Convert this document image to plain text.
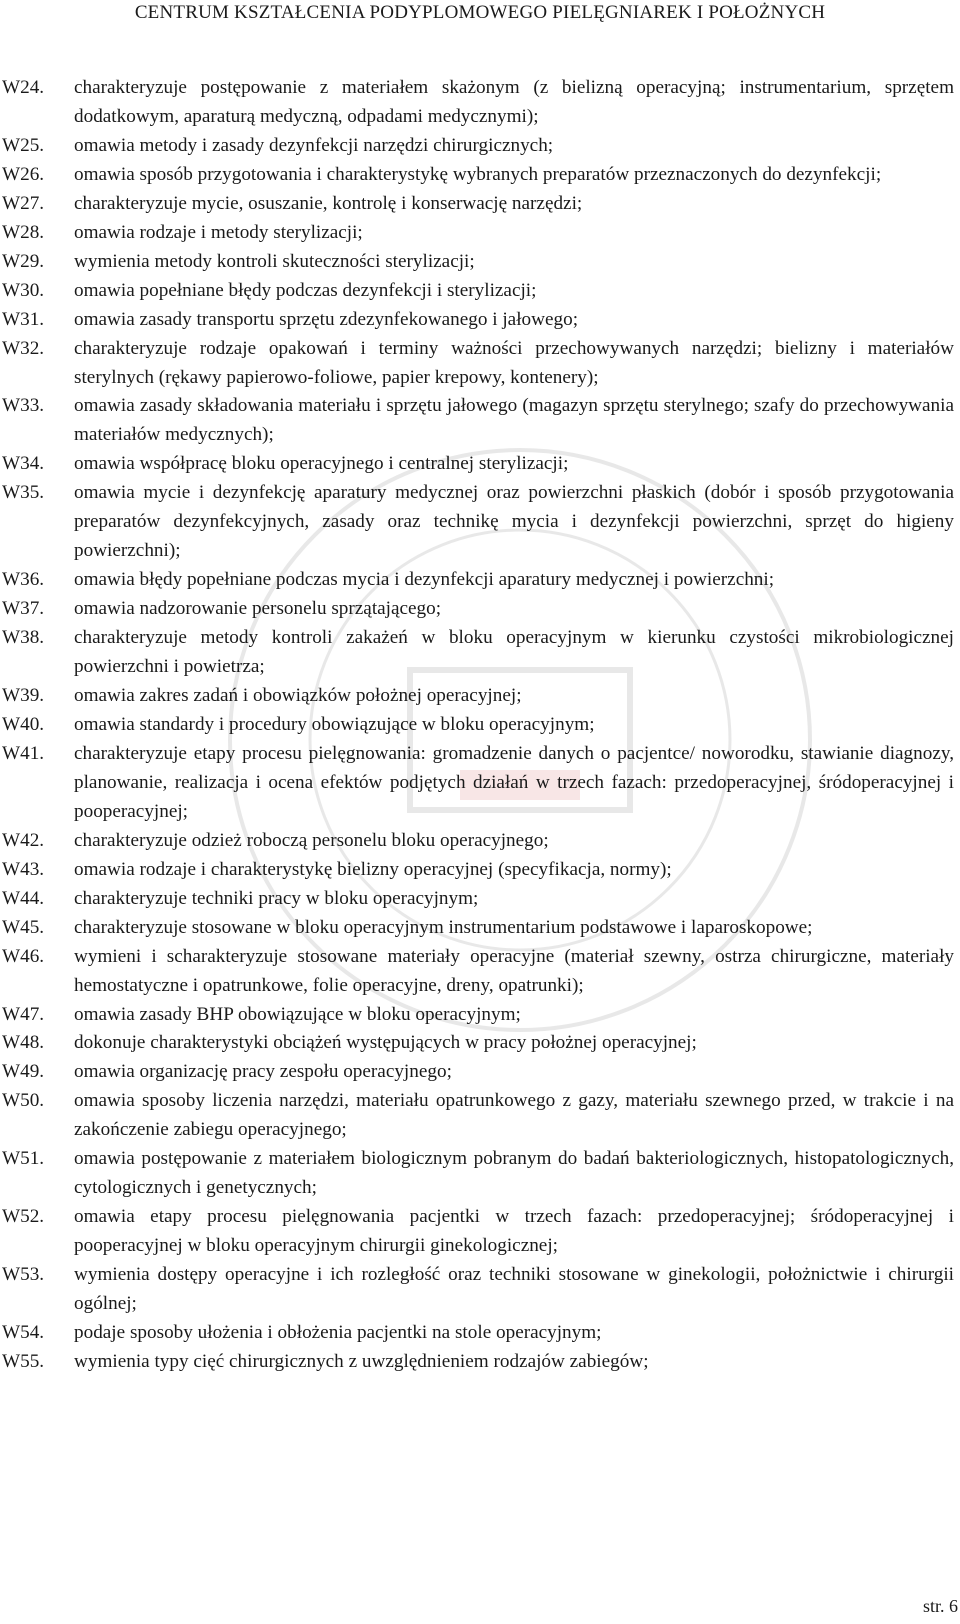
CENTRUM KSZTAŁCENIA PODYPLOMOWEGO PIELĘGNIAREK I POŁOŻNYCH
W24.	charakteryzuje postępowanie z materiałem skażonym (z bielizną operacyjną; instrumentarium, sprzętem dodatkowym, aparaturą medyczną, odpadami medycznymi);
W25.	omawia metody i zasady dezynfekcji narzędzi chirurgicznych;
W26.	omawia sposób przygotowania i charakterystykę wybranych preparatów przeznaczonych do dezynfekcji;
W27.	charakteryzuje mycie, osuszanie, kontrolę i konserwację narzędzi;
W28.	omawia rodzaje i metody sterylizacji;
W29.	wymienia metody kontroli skuteczności sterylizacji;
W30.	omawia popełniane błędy podczas dezynfekcji i sterylizacji;
W31.	omawia zasady transportu sprzętu zdezynfekowanego i jałowego;
W32.	charakteryzuje rodzaje opakowań i terminy ważności przechowywanych narzędzi; bielizny i materiałów sterylnych (rękawy papierowo-foliowe, papier krepowy, kontenery);
W33.	omawia zasady składowania materiału i sprzętu jałowego (magazyn sprzętu sterylnego; szafy do przechowywania materiałów medycznych);
W34.	omawia współpracę bloku operacyjnego i centralnej sterylizacji;
W35.	omawia mycie i dezynfekcję aparatury medycznej oraz powierzchni płaskich (dobór i sposób przygotowania preparatów dezynfekcyjnych, zasady oraz technikę mycia i dezynfekcji powierzchni, sprzęt do higieny powierzchni);
W36.	omawia błędy popełniane podczas mycia i dezynfekcji aparatury medycznej i powierzchni;
W37.	omawia nadzorowanie personelu sprzątającego;
W38.	charakteryzuje metody kontroli zakażeń w bloku operacyjnym w kierunku czystości mikrobiologicznej powierzchni i powietrza;
W39.	omawia zakres zadań i obowiązków położnej operacyjnej;
W40.	omawia standardy i procedury obowiązujące w bloku operacyjnym;
W41.	charakteryzuje etapy procesu pielęgnowania: gromadzenie danych o pacjentce/ noworodku, stawianie diagnozy, planowanie, realizacja i ocena efektów podjętych działań w trzech fazach: przedoperacyjnej, śródoperacyjnej i pooperacyjnej;
W42.	charakteryzuje odzież roboczą personelu bloku operacyjnego;
W43.	omawia rodzaje i charakterystykę bielizny operacyjnej (specyfikacja, normy);
W44.	charakteryzuje techniki pracy w bloku operacyjnym;
W45.	charakteryzuje stosowane w bloku operacyjnym instrumentarium podstawowe i laparoskopowe;
W46.	wymieni i scharakteryzuje stosowane materiały operacyjne (materiał szewny, ostrza chirurgiczne, materiały hemostatyczne i opatrunkowe, folie operacyjne, dreny, opatrunki);
W47.	omawia zasady BHP obowiązujące w bloku operacyjnym;
W48.	dokonuje charakterystyki obciążeń występujących w pracy położnej operacyjnej;
W49.	omawia organizację pracy zespołu operacyjnego;
W50.	omawia sposoby liczenia narzędzi, materiału opatrunkowego z gazy, materiału szewnego przed, w trakcie i na zakończenie zabiegu operacyjnego;
W51.	omawia postępowanie z materiałem biologicznym pobranym do badań bakteriologicznych, histopatologicznych, cytologicznych i genetycznych;
W52.	omawia etapy procesu pielęgnowania pacjentki w trzech fazach: przedoperacyjnej; śródoperacyjnej i pooperacyjnej w bloku operacyjnym chirurgii ginekologicznej;
W53.	wymienia dostępy operacyjne i ich rozległość oraz techniki stosowane w ginekologii, położnictwie i chirurgii ogólnej;
W54.	podaje sposoby ułożenia i obłożenia pacjentki na stole operacyjnym;
W55.	wymienia typy cięć chirurgicznych z uwzględnieniem rodzajów zabiegów;
str. 6
